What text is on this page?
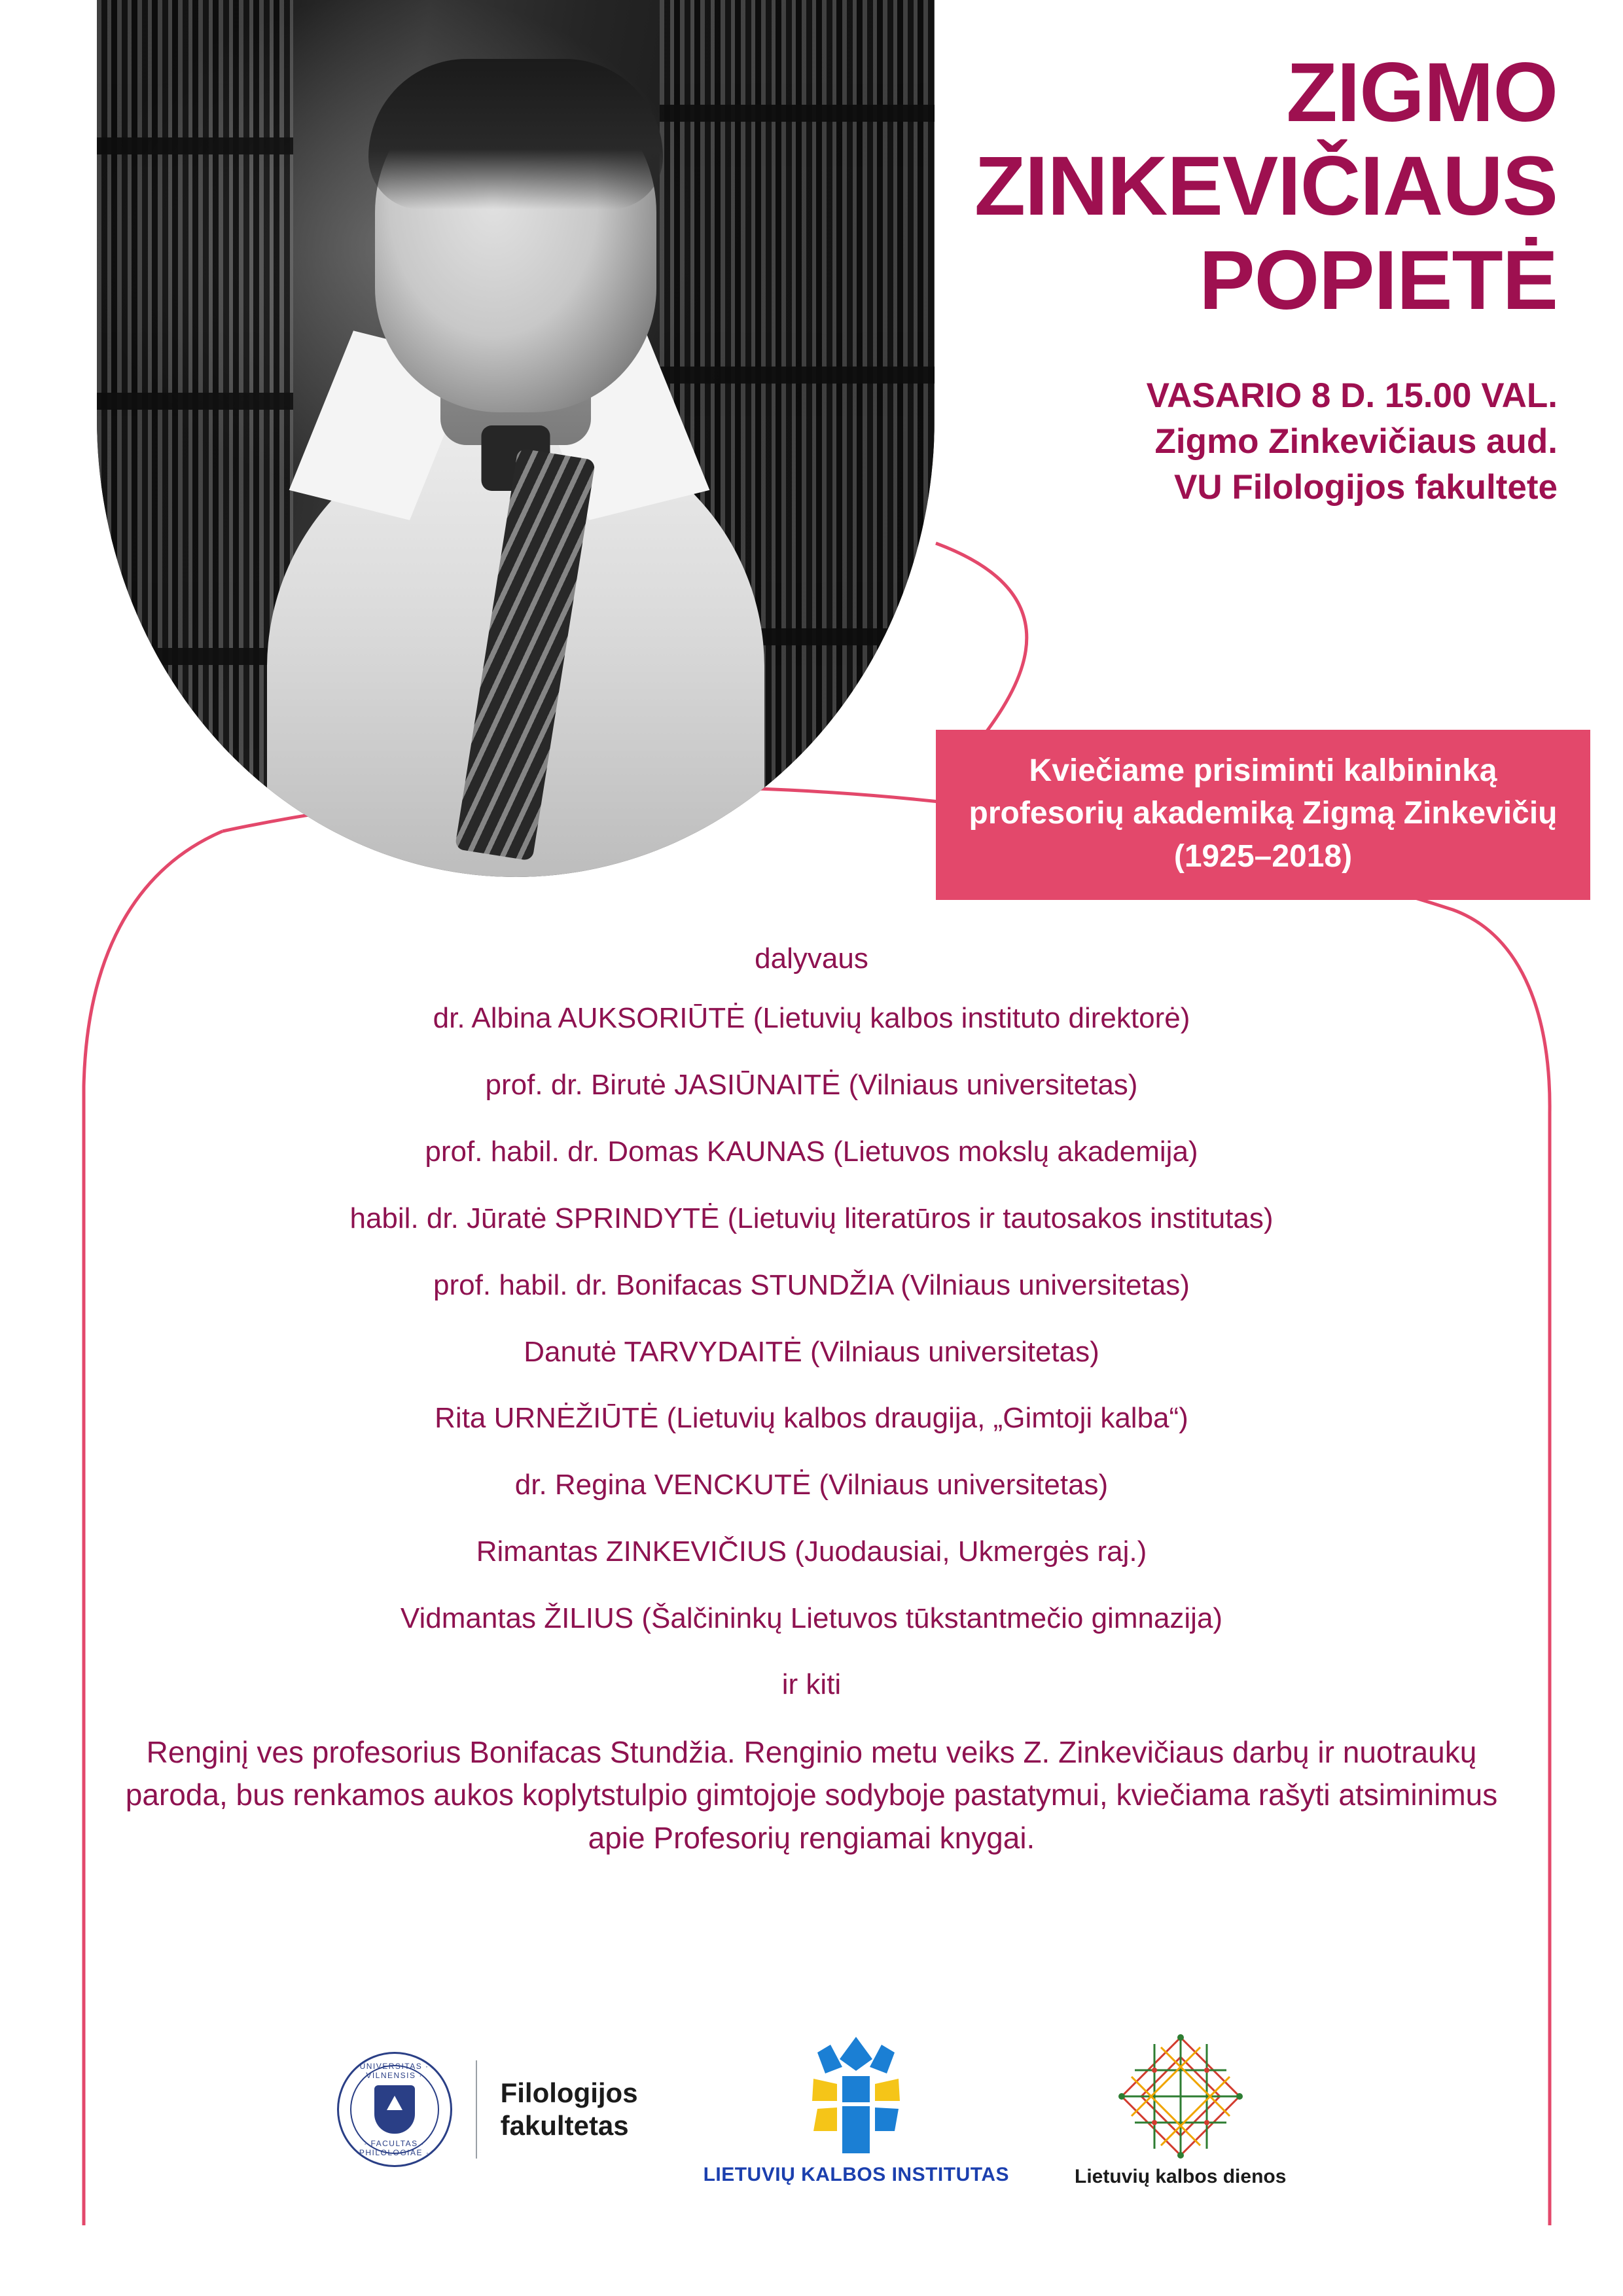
ZIGMO ZINKEVIČIAUS POPIETĖ
VASARIO 8 D. 15.00 VAL.
Zigmo Zinkevičiaus aud.
VU Filologijos fakultete
Kviečiame prisiminti kalbininką profesorių akademiką Zigmą Zinkevičių (1925–2018)
dalyvaus
dr. Albina AUKSORIŪTĖ (Lietuvių kalbos instituto direktorė)
prof. dr. Birutė JASIŪNAITĖ (Vilniaus universitetas)
prof. habil. dr. Domas KAUNAS (Lietuvos mokslų akademija)
habil. dr. Jūratė SPRINDYTĖ (Lietuvių literatūros ir tautosakos institutas)
prof. habil. dr. Bonifacas STUNDŽIA (Vilniaus universitetas)
Danutė TARVYDAITĖ (Vilniaus universitetas)
Rita URNĖŽIŪTĖ (Lietuvių kalbos draugija, „Gimtoji kalba“)
dr. Regina VENCKUTĖ (Vilniaus universitetas)
Rimantas ZINKEVIČIUS (Juodausiai, Ukmergės raj.)
Vidmantas ŽILIUS (Šalčininkų Lietuvos tūkstantmečio gimnazija)
ir kiti
Renginį ves profesorius Bonifacas Stundžia. Renginio metu veiks Z. Zinkevičiaus darbų ir nuotraukų paroda, bus renkamos aukos koplytstulpio gimtojoje sodyboje pastatymui, kviečiama rašyti atsiminimus apie Profesorių rengiamai knygai.
UNIVERSITAS · VILNENSIS ·
· FACULTAS · PHILOLOGIAE ·
Filologijos
fakultetas
LIETUVIŲ KALBOS INSTITUTAS	Lietuvių kalbos dienos
